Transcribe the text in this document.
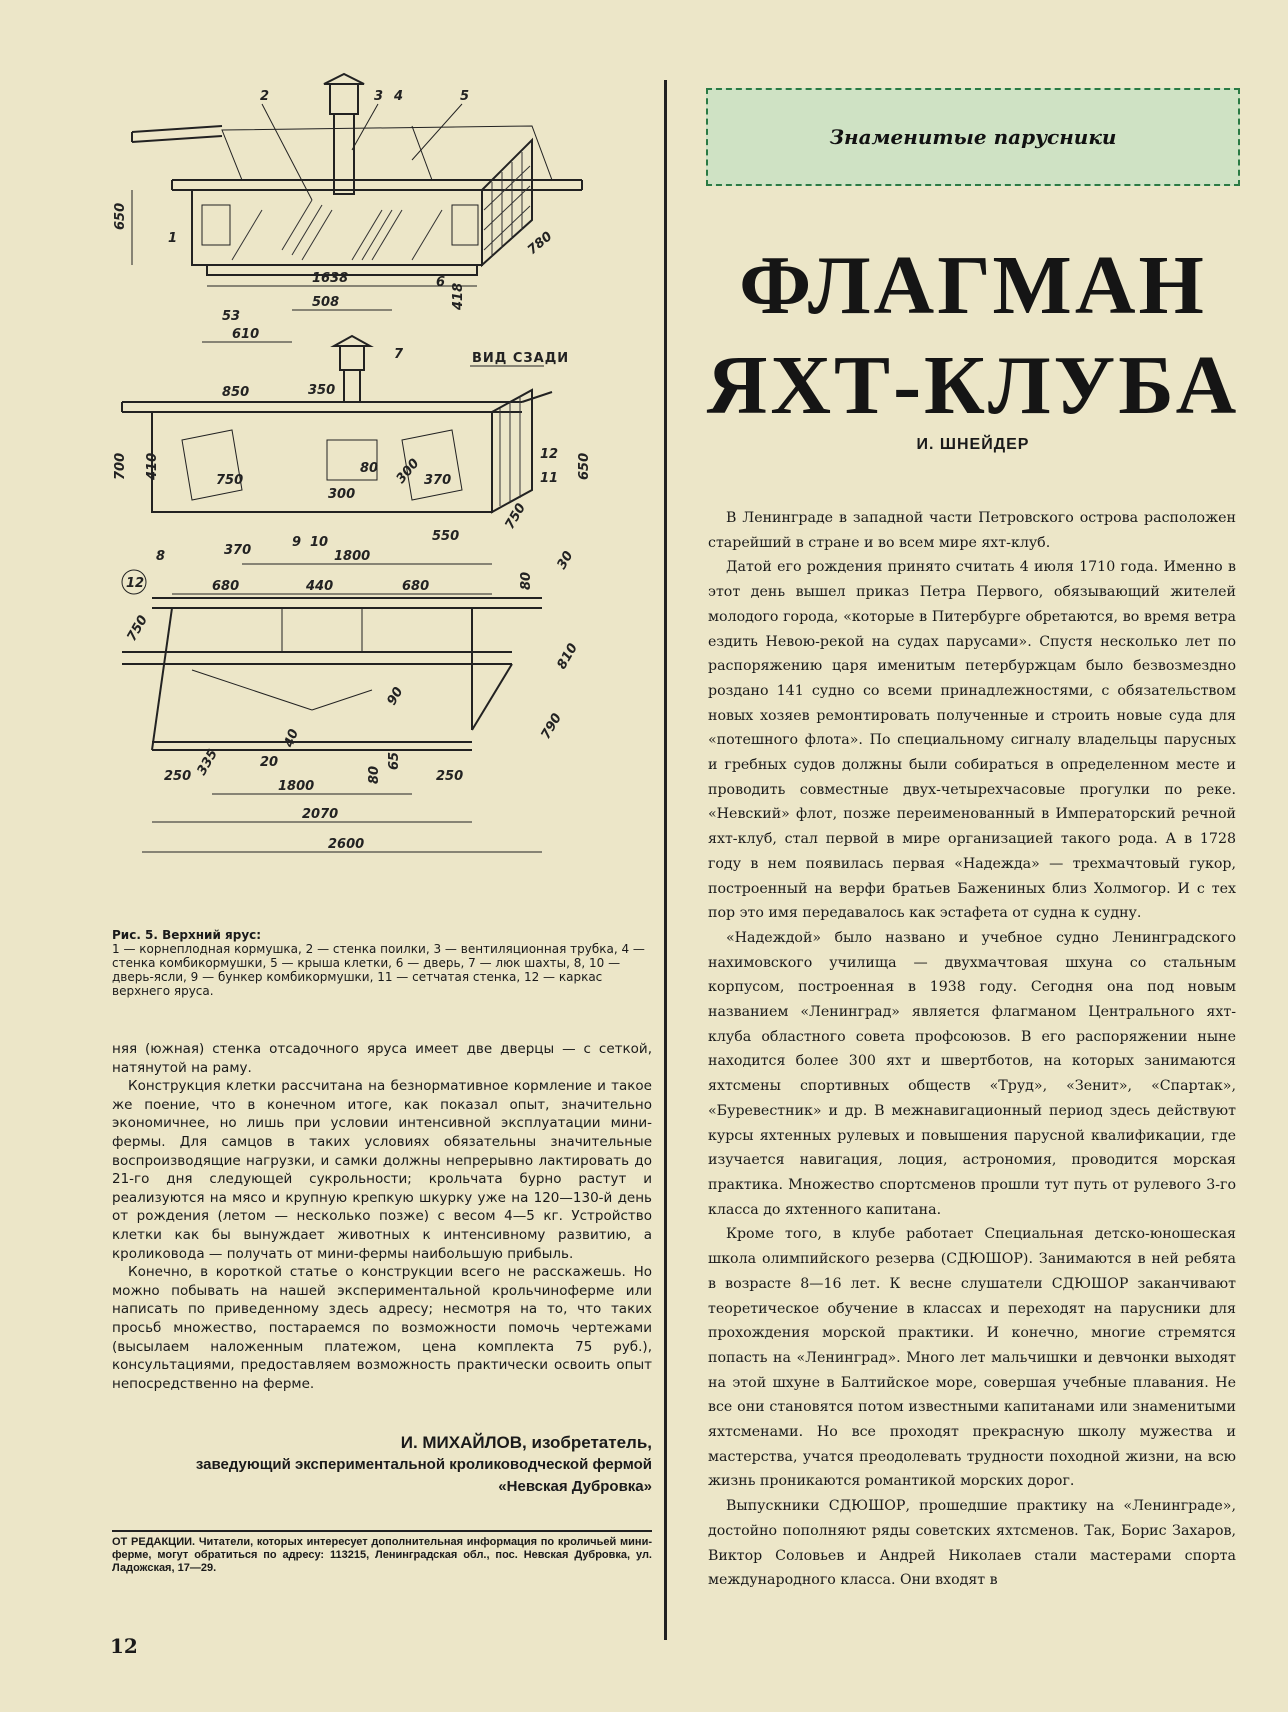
2	3 4	5
1
6
7
650
1638
780
418
53
508
610
ВИД СЗАДИ
850	350
700 410
750
300
80 300 370
370	1800
550
750
650
8
9 10
11
12
12	680	440	680	80
30
750
810
90
40
250 335	20
1800
65
80	250
790
2070
2600
Рис. 5. Верхний ярус:
1 — корнеплодная кормушка, 2 — стенка поилки, 3 — вентиляционная трубка, 4 — стенка комбикормушки, 5 — крыша клетки, 6 — дверь, 7 — люк шахты, 8, 10 — дверь-ясли, 9 — бункер комбикормушки, 11 — сетчатая стенка, 12 — каркас верхнего яруса.

няя (южная) стенка отсадочного яруса имеет две дверцы — с сеткой, натянутой на раму.

Конструкция клетки рассчитана на безнормативное кормление и такое же поение, что в конечном итоге, как показал опыт, значительно экономичнее, но лишь при условии интенсивной эксплуатации мини-фермы. Для самцов в таких условиях обязательны значительные воспроизводящие нагрузки, и самки должны непрерывно лактировать до 21-го дня следующей сукрольности; крольчата бурно растут и реализуются на мясо и крупную крепкую шкурку уже на 120—130-й день от рождения (летом — несколько позже) с весом 4—5 кг. Устройство клетки как бы вынуждает животных к интенсивному развитию, а кроликовода — получать от мини-фермы наибольшую прибыль.

Конечно, в короткой статье о конструкции всего не расскажешь. Но можно побывать на нашей экспериментальной крольчиноферме или написать по приведенному здесь адресу; несмотря на то, что таких просьб множество, постараемся по возможности помочь чертежами (высылаем наложенным платежом, цена комплекта 75 руб.), консультациями, предоставляем возможность практически освоить опыт непосредственно на ферме.

И. МИХАЙЛОВ, изобретатель,
заведующий экспериментальной кролиководческой фермой
«Невская Дубровка»
ОТ РЕДАКЦИИ. Читатели, которых интересует дополнительная информация по кроличьей мини-ферме, могут обратиться по адресу: 113215, Ленинградская обл., пос. Невская Дубровка, ул. Ладожская, 17—29.
12
Знаменитые парусники
ФЛАГМАН
ЯХТ-КЛУБА
И. ШНЕЙДЕР

В Ленинграде в западной части Петровского острова расположен старейший в стране и во всем мире яхт-клуб.

Датой его рождения принято считать 4 июля 1710 года. Именно в этот день вышел приказ Петра Первого, обязывающий жителей молодого города, «которые в Питербурге обретаются, во время ветра ездить Невою-рекой на судах парусами». Спустя несколько лет по распоряжению царя именитым петербуржцам было безвозмездно роздано 141 судно со всеми принадлежностями, с обязательством новых хозяев ремонтировать полученные и строить новые суда для «потешного флота». По специальному сигналу владельцы парусных и гребных судов должны были собираться в определенном месте и проводить совместные двух-четырехчасовые прогулки по реке. «Невский» флот, позже переименованный в Императорский речной яхт-клуб, стал первой в мире организацией такого рода. А в 1728 году в нем появилась первая «Надежда» — трехмачтовый гукор, построенный на верфи братьев Бажениных близ Холмогор. И с тех пор это имя передавалось как эстафета от судна к судну.

«Надеждой» было названо и учебное судно Ленинградского нахимовского училища — двухмачтовая шхуна со стальным корпусом, построенная в 1938 году. Сегодня она под новым названием «Ленинград» является флагманом Центрального яхт-клуба областного совета профсоюзов. В его распоряжении ныне находится более 300 яхт и швертботов, на которых занимаются яхтсмены спортивных обществ «Труд», «Зенит», «Спартак», «Буревестник» и др. В межнавигационный период здесь действуют курсы яхтенных рулевых и повышения парусной квалификации, где изучается навигация, лоция, астрономия, проводится морская практика. Множество спортсменов прошли тут путь от рулевого 3-го класса до яхтенного капитана.

Кроме того, в клубе работает Специальная детско-юношеская школа олимпийского резерва (СДЮШОР). Занимаются в ней ребята в возрасте 8—16 лет. К весне слушатели СДЮШОР заканчивают теоретическое обучение в классах и переходят на парусники для прохождения морской практики. И конечно, многие стремятся попасть на «Ленинград». Много лет мальчишки и девчонки выходят на этой шхуне в Балтийское море, совершая учебные плавания. Не все они становятся потом известными капитанами или знаменитыми яхтсменами. Но все проходят прекрасную школу мужества и мастерства, учатся преодолевать трудности походной жизни, на всю жизнь проникаются романтикой морских дорог.

Выпускники СДЮШОР, прошедшие практику на «Ленинграде», достойно пополняют ряды советских яхтсменов. Так, Борис Захаров, Виктор Соловьев и Андрей Николаев стали мастерами спорта международного класса. Они входят в
